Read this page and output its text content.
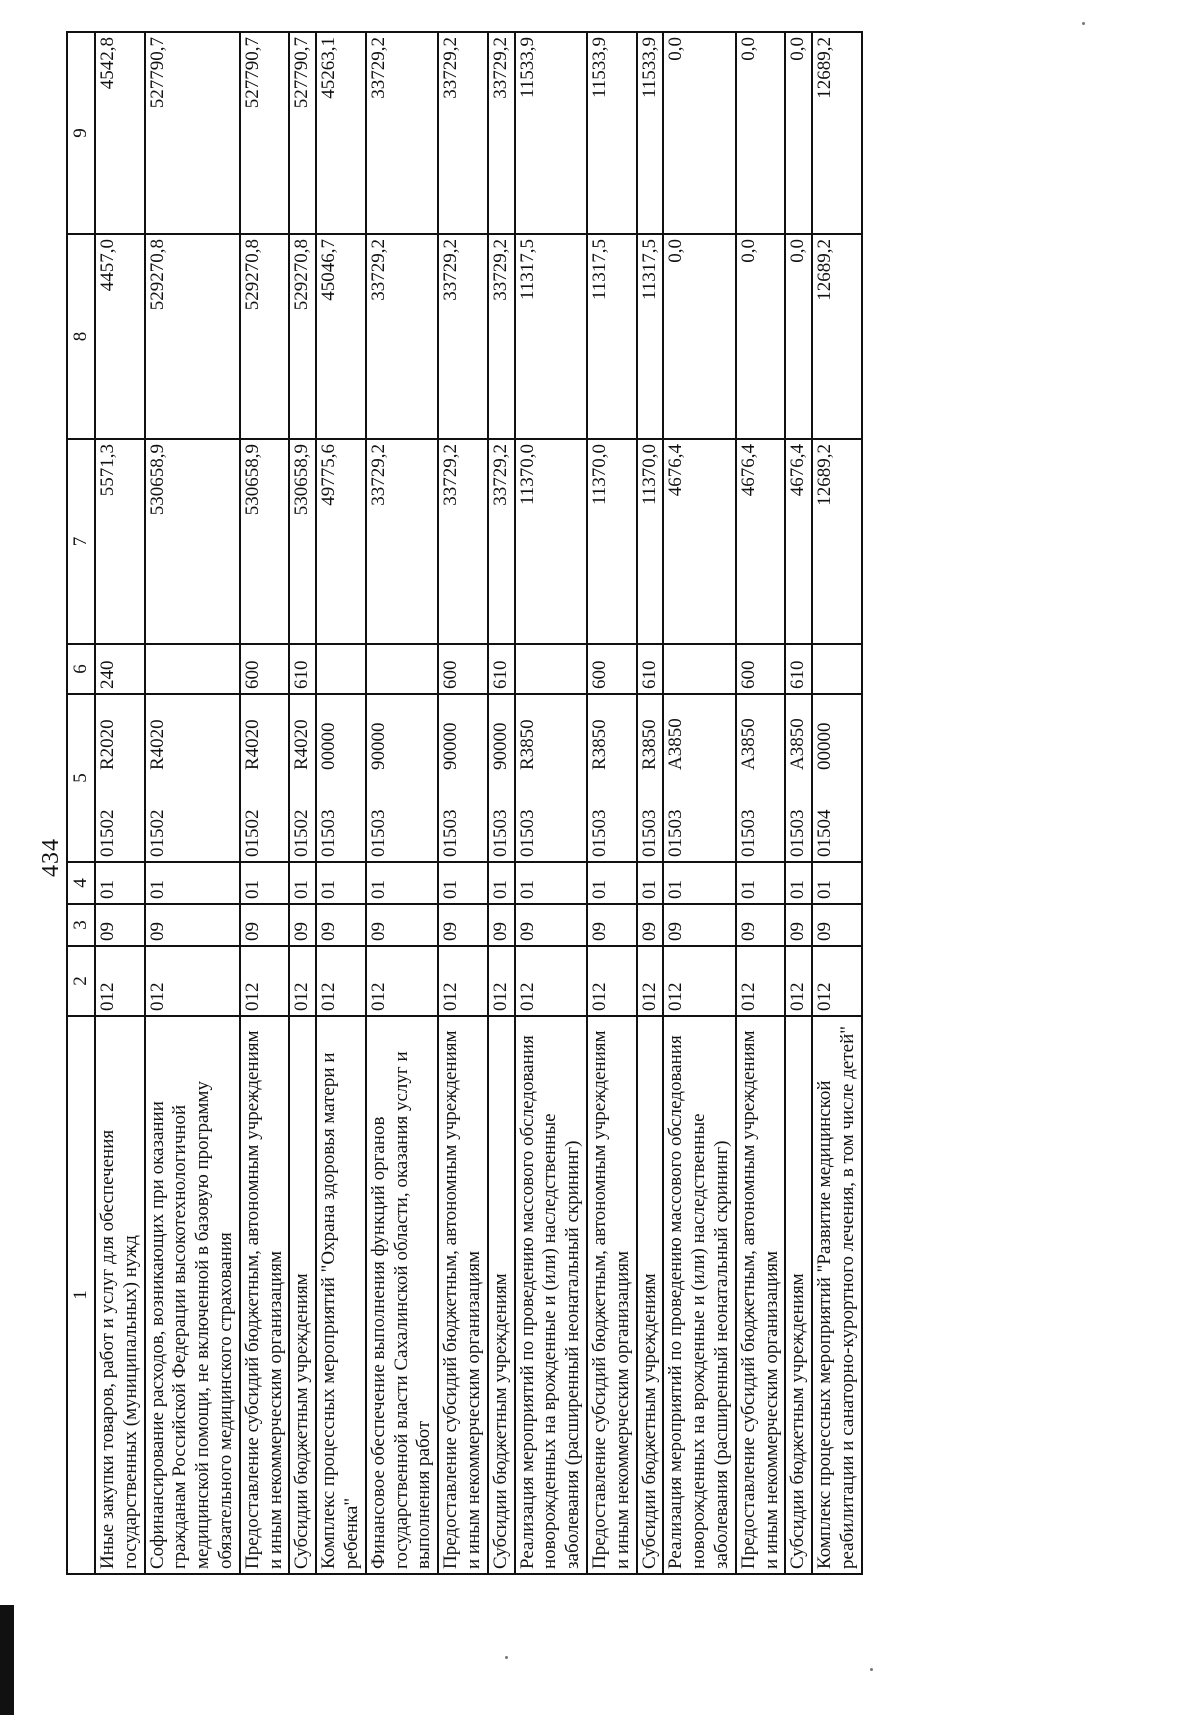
434
1	2	3	4	5		6	7	8	9
Иные закупки товаров, работ и услуг для обеспечения государственных (муниципальных) нужд	012	09	01	01502	R2020	240	5571,3	4457,0	4542,8
Софинансирование расходов, возникающих при оказании гражданам Российской Федерации высокотехнологичной медицинской помощи, не включенной в базовую программу обязательного медицинского страхования	012	09	01	01502	R4020		530658,9	529270,8	527790,7
Предоставление субсидий бюджетным, автономным учреждениям и иным некоммерческим организациям	012	09	01	01502	R4020	600	530658,9	529270,8	527790,7
Субсидии бюджетным учреждениям	012	09	01	01502	R4020	610	530658,9	529270,8	527790,7
Комплекс процессных мероприятий "Охрана здоровья матери и ребенка"	012	09	01	01503	00000		49775,6	45046,7	45263,1
Финансовое обеспечение выполнения функций органов государственной власти Сахалинской области, оказания услуг и выполнения работ	012	09	01	01503	90000		33729,2	33729,2	33729,2
Предоставление субсидий бюджетным, автономным учреждениям и иным некоммерческим организациям	012	09	01	01503	90000	600	33729,2	33729,2	33729,2
Субсидии бюджетным учреждениям	012	09	01	01503	90000	610	33729,2	33729,2	33729,2
Реализация мероприятий по проведению массового обследования новорожденных на врожденные и (или) наследственные заболевания (расширенный неонатальный скрининг)	012	09	01	01503	R3850		11370,0	11317,5	11533,9
Предоставление субсидий бюджетным, автономным учреждениям и иным некоммерческим организациям	012	09	01	01503	R3850	600	11370,0	11317,5	11533,9
Субсидии бюджетным учреждениям	012	09	01	01503	R3850	610	11370,0	11317,5	11533,9
Реализация мероприятий по проведению массового обследования новорожденных на врожденные и (или) наследственные заболевания (расширенный неонатальный скрининг)	012	09	01	01503	А3850		4676,4	0,0	0,0
Предоставление субсидий бюджетным, автономным учреждениям и иным некоммерческим организациям	012	09	01	01503	А3850	600	4676,4	0,0	0,0
Субсидии бюджетным учреждениям	012	09	01	01503	А3850	610	4676,4	0,0	0,0
Комплекс процессных мероприятий "Развитие медицинской реабилитации и санаторно-курортного лечения, в том числе детей"	012	09	01	01504	00000		12689,2	12689,2	12689,2
